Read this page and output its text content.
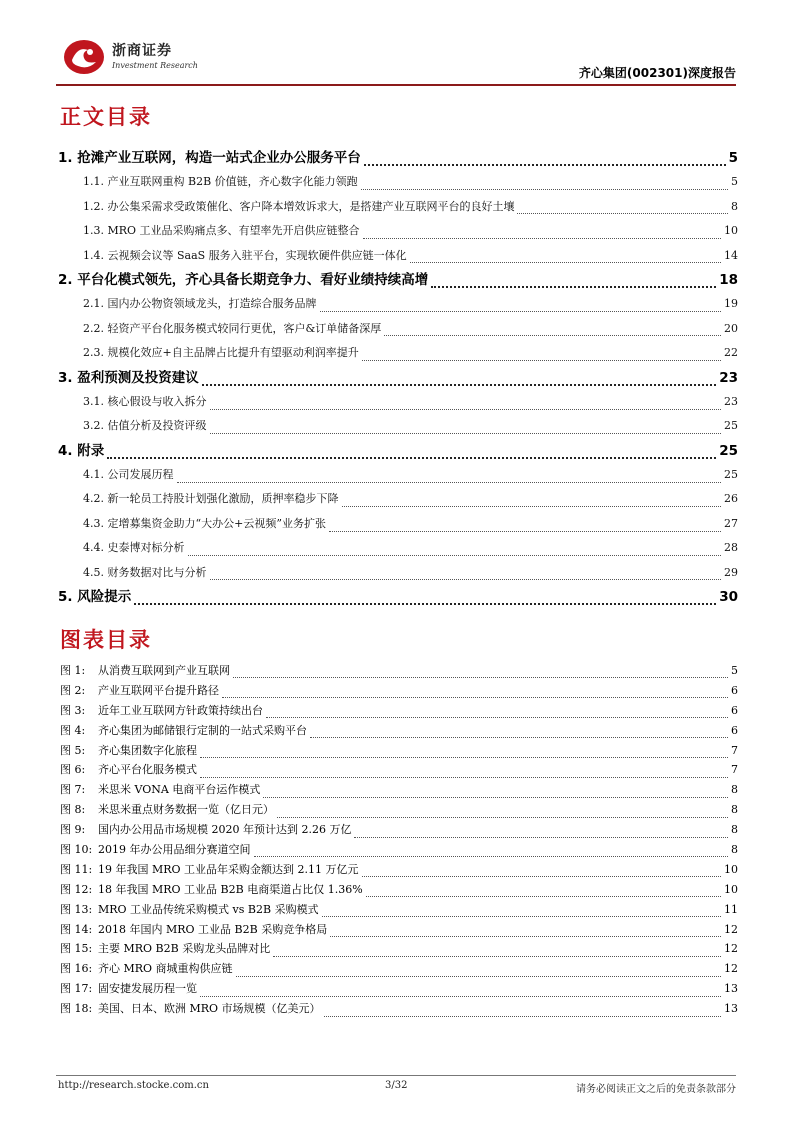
浙商证券
Investment Research
齐心集团(002301)深度报告
正文目录
1. 抢滩产业互联网，构造一站式企业办公服务平台	5
1.1. 产业互联网重构 B2B 价值链，齐心数字化能力领跑	5
1.2. 办公集采需求受政策催化、客户降本增效诉求大，是搭建产业互联网平台的良好土壤	8
1.3. MRO 工业品采购痛点多、有望率先开启供应链整合	10
1.4. 云视频会议等 SaaS 服务入驻平台，实现软硬件供应链一体化	14
2. 平台化模式领先，齐心具备长期竞争力、看好业绩持续高增	18
2.1. 国内办公物资领域龙头，打造综合服务品牌	19
2.2. 轻资产平台化服务模式较同行更优，客户&订单储备深厚	20
2.3. 规模化效应+自主品牌占比提升有望驱动利润率提升	22
3. 盈利预测及投资建议	23
3.1. 核心假设与收入拆分	23
3.2. 估值分析及投资评级	25
4. 附录	25
4.1. 公司发展历程	25
4.2. 新一轮员工持股计划强化激励，质押率稳步下降	26
4.3. 定增募集资金助力“大办公+云视频”业务扩张	27
4.4. 史泰博对标分析	28
4.5. 财务数据对比与分析	29
5. 风险提示	30
图表目录
图 1:	从消费互联网到产业互联网	5
图 2:	产业互联网平台提升路径	6
图 3:	近年工业互联网方针政策持续出台	6
图 4:	齐心集团为邮储银行定制的一站式采购平台	6
图 5:	齐心集团数字化旅程	7
图 6:	齐心平台化服务模式	7
图 7:	米思米 VONA 电商平台运作模式	8
图 8:	米思米重点财务数据一览（亿日元）	8
图 9:	国内办公用品市场规模 2020 年预计达到 2.26 万亿	8
图 10: 2019 年办公用品细分赛道空间	8
图 11: 19 年我国 MRO 工业品年采购金额达到 2.11 万亿元	10
图 12: 18 年我国 MRO 工业品 B2B 电商渠道占比仅 1.36%	10
图 13: MRO 工业品传统采购模式 vs B2B 采购模式	11
图 14: 2018 年国内 MRO 工业品 B2B 采购竞争格局	12
图 15: 主要 MRO B2B 采购龙头品牌对比	12
图 16: 齐心 MRO 商城重构供应链	12
图 17: 固安捷发展历程一览	13
图 18: 美国、日本、欧洲 MRO 市场规模（亿美元）	13
http://research.stocke.com.cn	3/32	请务必阅读正文之后的免责条款部分
